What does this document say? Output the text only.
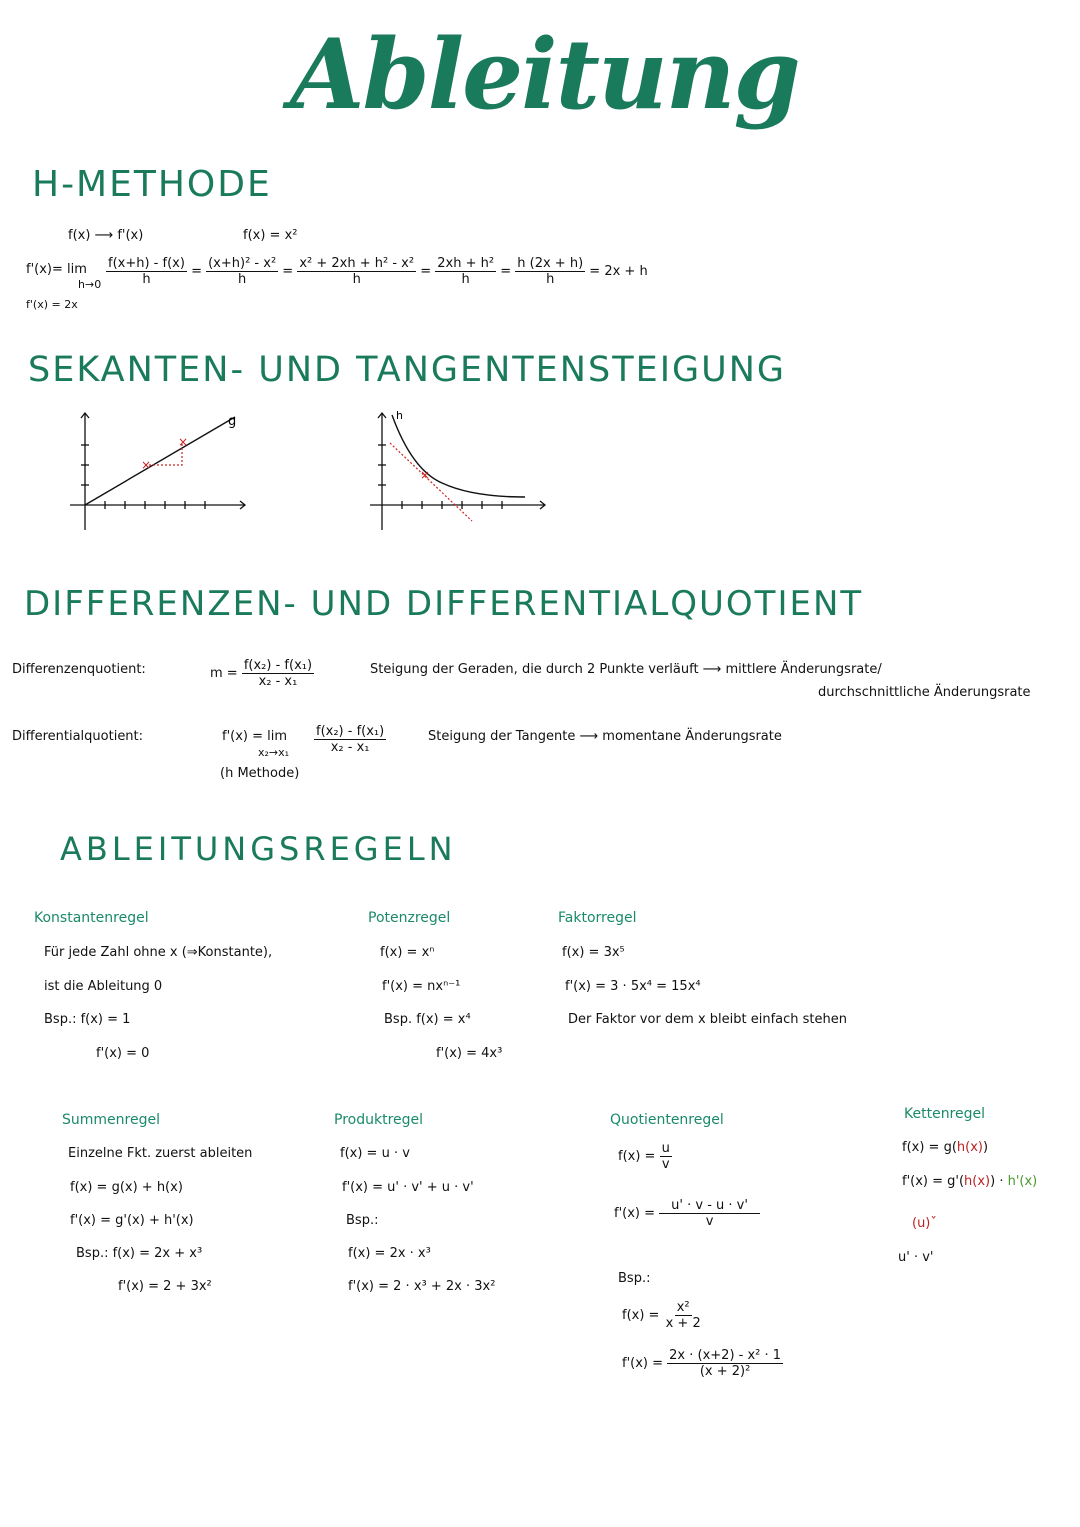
Ableitung
H-METHODE
f(x) ⟶ f'(x)	f(x) = x²
f'(x)= lim
$h\to 0 \frac{f(x+h) - f(x)}{h} = \frac{\text{(x+h)² - x²}}{h} = \frac{\text{x² + 2xh + h² - x²}}{h} = \frac{\text{2xh + h²}}{h} = \frac{h (2x + h)}{h} = 2x + h$
f'(x) = 2x
SEKANTEN- UND TANGENTENSTEIGUNG
×
×
g
×
h
DIFFERENZEN- UND DIFFERENTIALQUOTIENT
Differenzenquotient:	$m = \frac{\text{f(x₂) - f(x₁)}}{\text{x₂ - x₁}}$	Steigung der Geraden, die durch 2 Punkte verläuft ⟶ mittlere Änderungsrate/
durchschnittliche Änderungsrate
Differentialquotient:	f'(x) = lim
$x_2\to x_1 \frac{\text{f(x₂) - f(x₁)}}{\text{x₂ - x₁}}$
(h Methode)
Steigung der Tangente ⟶ momentane Änderungsrate
ABLEITUNGSREGELN
Konstantenregel
Für jede Zahl ohne x (⇒Konstante),
ist die Ableitung 0
Bsp.: f(x) = 1
f'(x) = 0
Potenzregel
f(x) = xⁿ
f'(x) = nxⁿ⁻¹
Bsp. f(x) = x⁴
f'(x) = 4x³
Faktorregel
f(x) = 3x⁵
f'(x) = 3 · 5x⁴ = 15x⁴
Der Faktor vor dem x bleibt einfach stehen
Summenregel
Einzelne Fkt. zuerst ableiten
f(x) = g(x) + h(x)
f'(x) = g'(x) + h'(x)
Bsp.: f(x) = 2x + x³
f'(x) = 2 + 3x²
Produktregel
f(x) = u · v
f'(x) = u' · v' + u · v'
Bsp.:
f(x) = 2x · x³
f'(x) = 2 · x³ + 2x · 3x²
Quotientenregel
$f(x) = \frac{u}{v}$
$f'(x) = \frac{u' \cdot v - u \cdot v'}{v}$
Bsp.:
$f(x) = \frac{\text{x²}}{x + 2}$
$f'(x) = \frac{\text{2x · (x+2) - x² · 1}}{\text{(x + 2)²}}$
Kettenregel
f(x) = g(h(x))
f'(x) = g'(h(x)) · h'(x)
(u)ˇ
u' · v'
